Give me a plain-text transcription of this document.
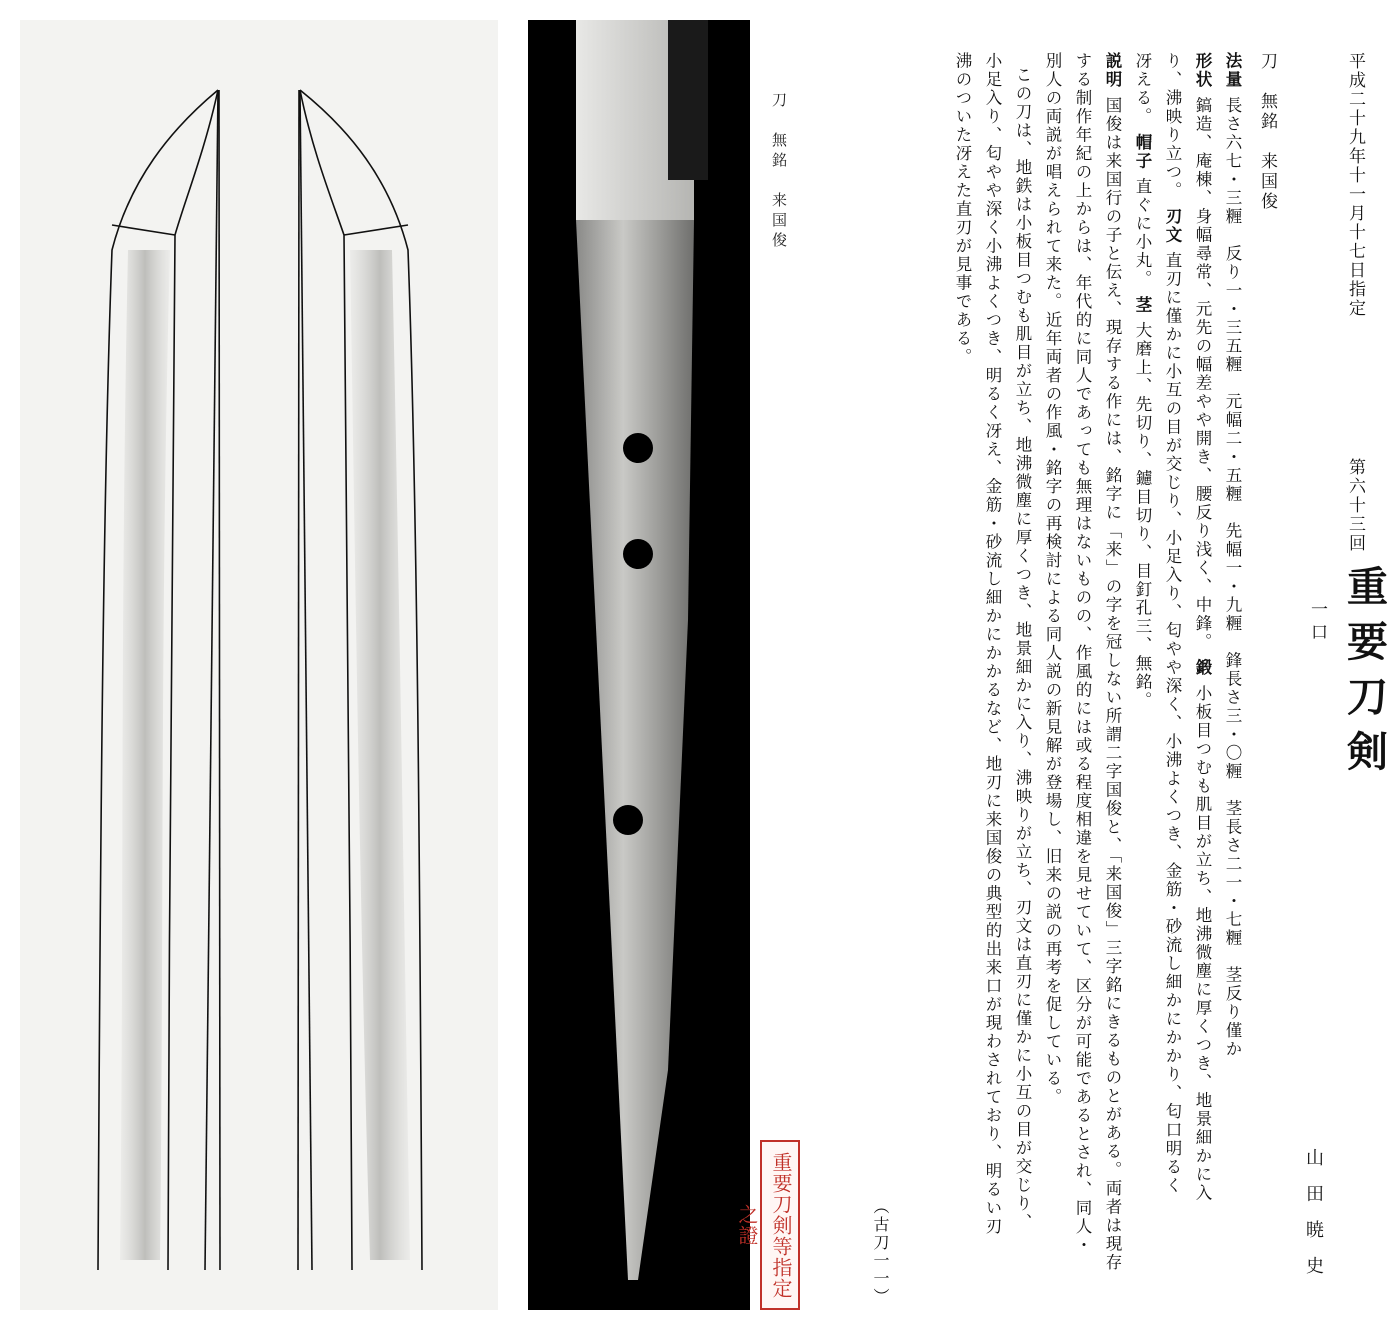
刀　無銘　来国俊
重要刀剣等指定之證
平成二十九年十一月十七日指定
第六十三回
重要刀剣
一口
山田暁史
刀　無銘　来国俊
法量 長さ六七・三糎　反り一・三五糎　元幅二・五糎　先幅一・九糎　鋒長さ三・〇糎　茎長さ二一・七糎　茎反り僅か
形状 鎬造、庵棟、身幅尋常、元先の幅差やや開き、腰反り浅く、中鋒。 鍛 小板目つむも肌目が立ち、地沸微塵に厚くつき、地景細かに入
り、沸映り立つ。 刃文 直刃に僅かに小互の目が交じり、小足入り、匂やや深く、小沸よくつき、金筋・砂流し細かにかかり、匂口明るく
冴える。 帽子 直ぐに小丸。 茎 大磨上、先切り、鑢目切り、目釘孔三、無銘。
説明 国俊は来国行の子と伝え、現存する作には、銘字に「来」の字を冠しない所謂二字国俊と、「来国俊」三字銘にきるものとがある。両者は現存
する制作年紀の上からは、年代的に同人であっても無理はないものの、作風的には或る程度相違を見せていて、区分が可能であるとされ、同人・
別人の両説が唱えられて来た。近年両者の作風・銘字の再検討による同人説の新見解が登場し、旧来の説の再考を促している。
この刀は、地鉄は小板目つむも肌目が立ち、地沸微塵に厚くつき、地景細かに入り、沸映りが立ち、刃文は直刃に僅かに小互の目が交じり、
小足入り、匂やや深く小沸よくつき、明るく冴え、金筋・砂流し細かにかかるなど、地刃に来国俊の典型的出来口が現わされており、明るい刃
沸のついた冴えた直刃が見事である。
（古刀一一）
